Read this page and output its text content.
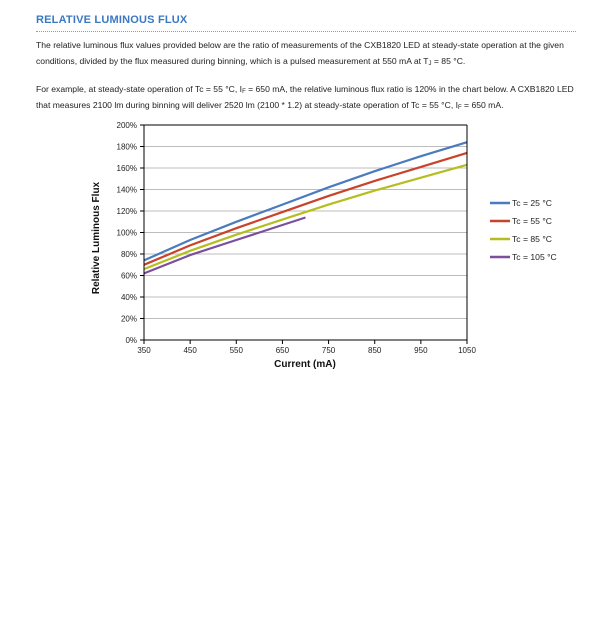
RELATIVE LUMINOUS FLUX

The relative luminous flux values provided below are the ratio of measurements of the CXB1820 LED at steady-state operation at the given conditions, divided by the flux measured during binning, which is a pulsed measurement at 550 mA at $T_J = 85$ °C.

For example, at steady-state operation of Tc = 55 °C, $I_F = 650$ mA, the relative luminous flux ratio is 120% in the chart below. A CXB1820 LED that measures 2100 lm during binning will deliver 2520 lm (2100 * 1.2) at steady-state operation of Tc = 55 °C, $I_F = 650$ mA.

0%
20%
40%
60%
80%
100%
120%
140%
160%
180%
200%
350	450	550	650	750	850	950	1050
Current (mA)
Relative Luminous Flux	Tc = 25 °C
Tc = 55 °C
Tc = 85 °C
Tc = 105 °C
